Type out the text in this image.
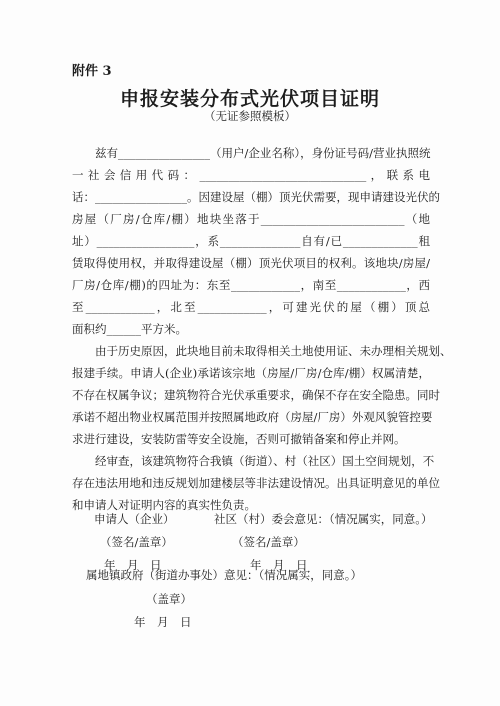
附件 3
申报安装分布式光伏项目证明
（无证参照模板）
兹有________________（用户/企业名称），身份证号码/营业执照统
一社会信用代码：_____________________________，联系电
话：________________。因建设屋（棚）顶光伏需要，现申请建设光伏的
房屋（厂房/仓库/棚）地块坐落于_________________________（地
址）_________________，系______________自有/已_____________租
赁取得使用权，并取得建设屋（棚）顶光伏项目的权利。该地块/房屋/
厂房/仓库/棚)的四址为：东至____________，南至____________，西
至____________，北至____________，可建光伏的屋（棚）顶总
面积约______平方米。
由于历史原因，此块地目前未取得相关土地使用证、未办理相关规划、
报建手续。申请人(企业)承诺该宗地（房屋/厂房/仓库/棚）权属清楚，
不存在权属争议；建筑物符合光伏承重要求，确保不存在安全隐患。同时
承诺不超出物业权属范围并按照属地政府（房屋/厂房）外观风貌管控要
求进行建设，安装防雷等安全设施，否则可撤销备案和停止并网。
经审查，该建筑物符合我镇（街道）、村（社区）国土空间规划，不
存在违法用地和违反规划加建楼层等非法建设情况。出具证明意见的单位
和申请人对证明内容的真实性负责。
申请人（企业）
（签名/盖章）
年　月　日
社区（村）委会意见：（情况属实，同意。）
（签名/盖章）
年　月　日
属地镇政府（街道办事处）意见：（情况属实，同意。）
（盖章）
年　月　日
